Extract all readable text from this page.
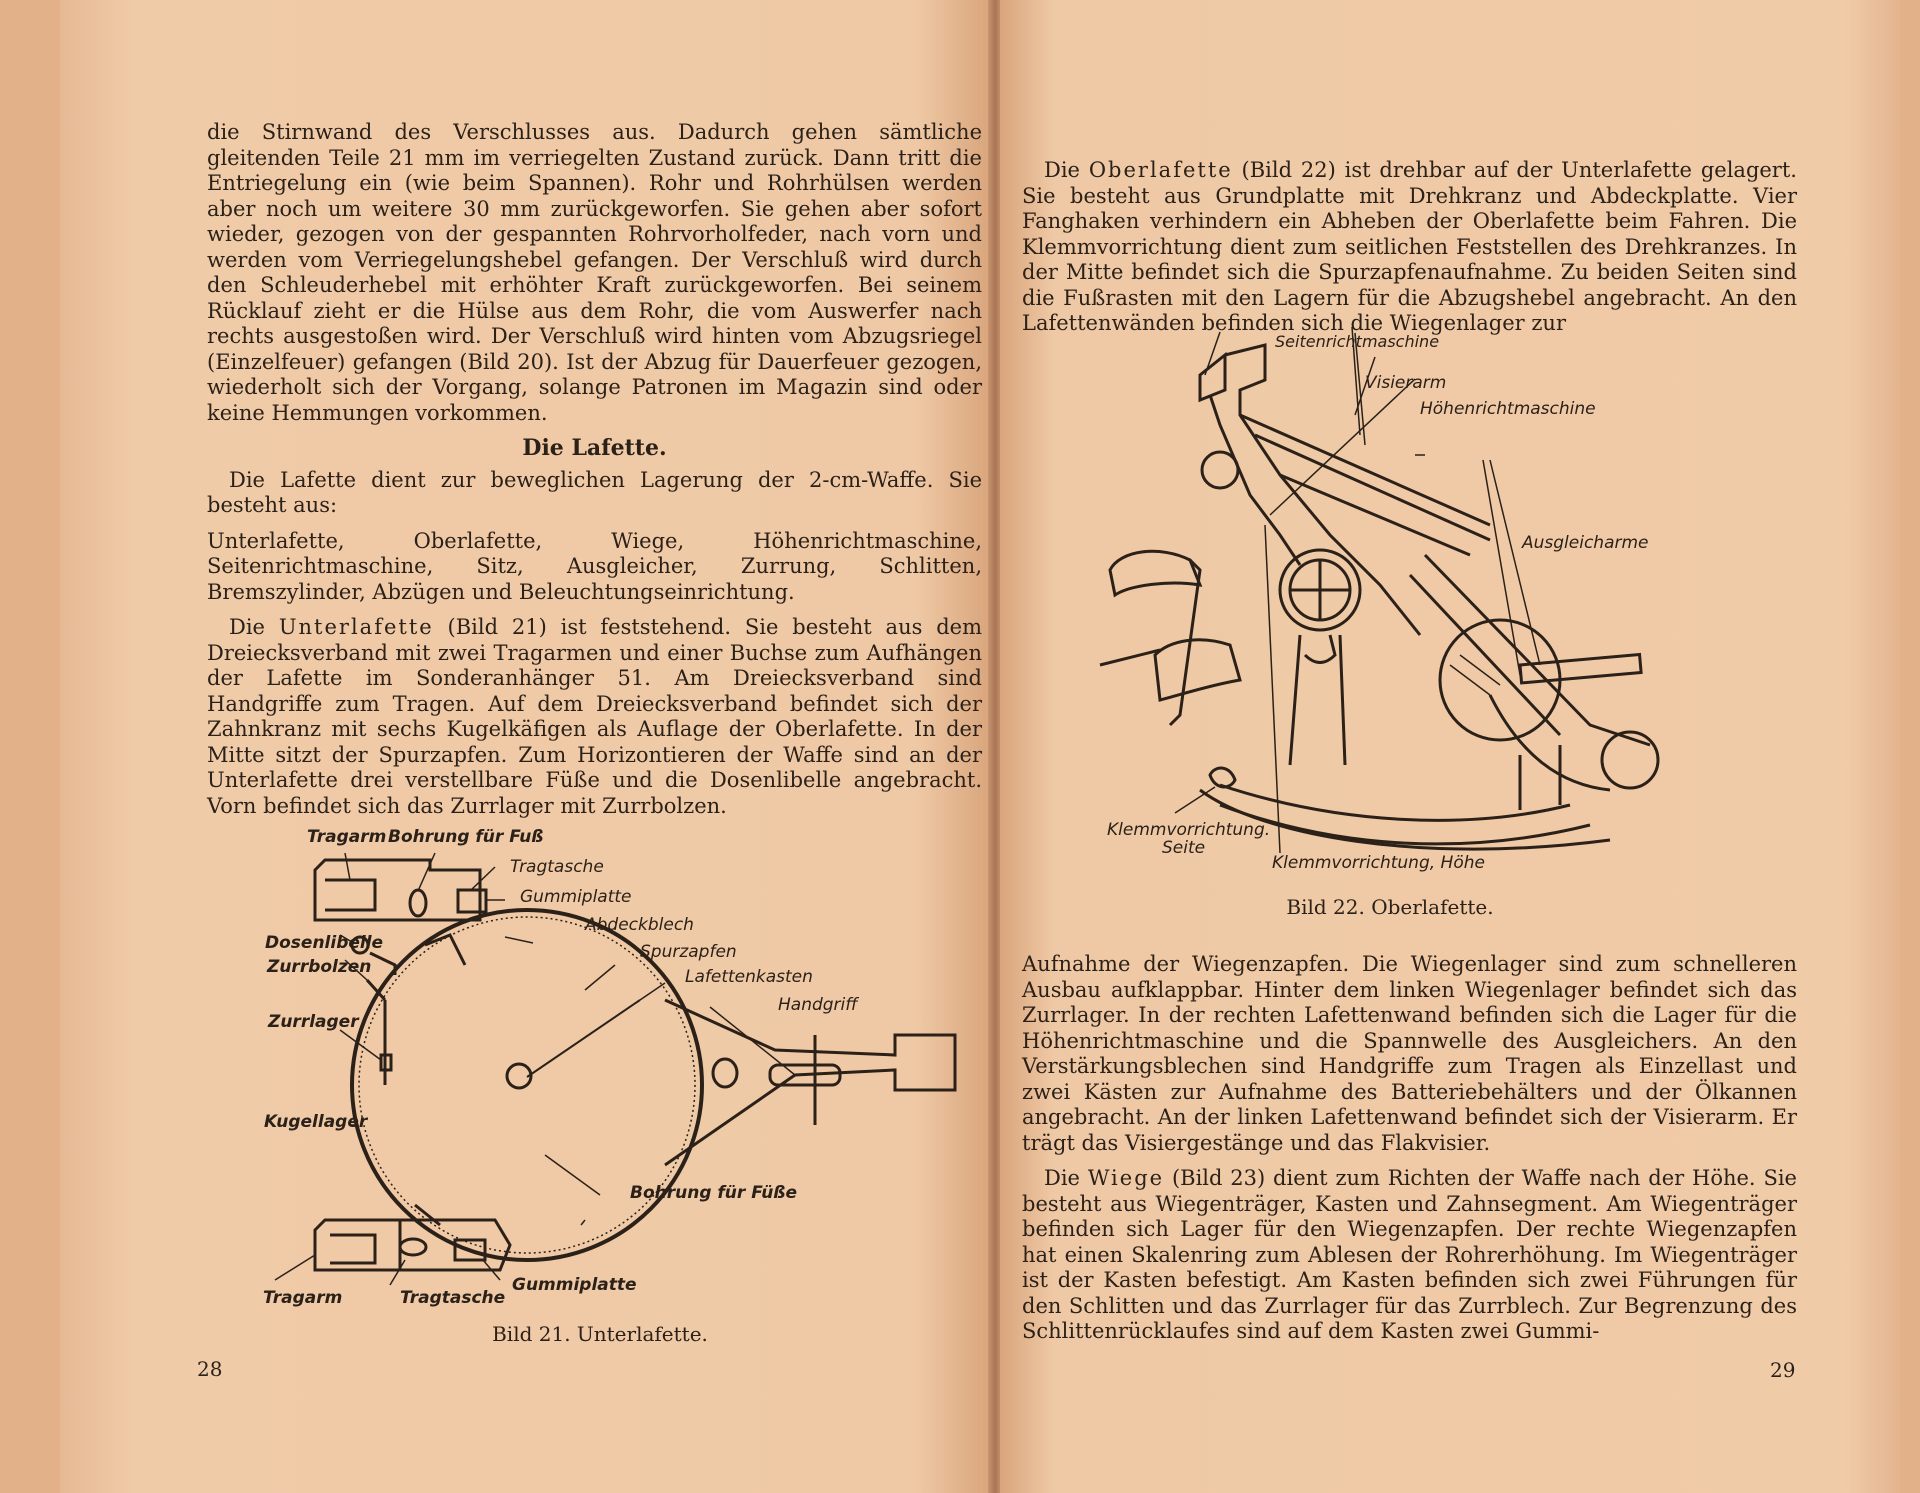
die Stirnwand des Verschlusses aus. Dadurch gehen sämtliche gleitenden Teile 21 mm im verriegelten Zustand zurück. Dann tritt die Entriegelung ein (wie beim Spannen). Rohr und Rohrhülsen werden aber noch um weitere 30 mm zurückgeworfen. Sie gehen aber sofort wieder, gezogen von der gespannten Rohrvorholfeder, nach vorn und werden vom Verriegelungshebel gefangen. Der Verschluß wird durch den Schleuderhebel mit erhöhter Kraft zurückgeworfen. Bei seinem Rücklauf zieht er die Hülse aus dem Rohr, die vom Auswerfer nach rechts ausgestoßen wird. Der Verschluß wird hinten vom Abzugsriegel (Einzelfeuer) gefangen (Bild 20). Ist der Abzug für Dauerfeuer gezogen, wiederholt sich der Vorgang, solange Patronen im Magazin sind oder keine Hemmungen vorkommen.

Die Lafette.

Die Lafette dient zur beweglichen Lagerung der 2-cm-Waffe. Sie besteht aus:

Unterlafette, Oberlafette, Wiege, Höhenrichtmaschine, Seitenrichtmaschine, Sitz, Ausgleicher, Zurrung, Schlitten, Bremszylinder, Abzügen und Beleuchtungseinrichtung.

Die Unterlafette (Bild 21) ist feststehend. Sie besteht aus dem Dreiecksverband mit zwei Tragarmen und einer Buchse zum Aufhängen der Lafette im Sonderanhänger 51. Am Dreiecksverband sind Handgriffe zum Tragen. Auf dem Dreiecksverband befindet sich der Zahnkranz mit sechs Kugelkäfigen als Auflage der Oberlafette. In der Mitte sitzt der Spurzapfen. Zum Horizontieren der Waffe sind an der Unterlafette drei verstellbare Füße und die Dosenlibelle angebracht. Vorn befindet sich das Zurrlager mit Zurrbolzen.

Tragarm Bohrung für Fuß
Tragtasche
Gummiplatte
Abdeckblech
Spurzapfen
Lafettenkasten
Handgriff
Dosenlibelle
Zurrbolzen
Zurrlager
Kugellager
Bohrung für Füße
Tragarm	Tragtasche
Gummiplatte
Bild 21. Unterlafette.
28

Die Oberlafette (Bild 22) ist drehbar auf der Unterlafette gelagert. Sie besteht aus Grundplatte mit Drehkranz und Abdeckplatte. Vier Fanghaken verhindern ein Abheben der Oberlafette beim Fahren. Die Klemmvorrichtung dient zum seitlichen Feststellen des Drehkranzes. In der Mitte befindet sich die Spurzapfenaufnahme. Zu beiden Seiten sind die Fußrasten mit den Lagern für die Abzugshebel angebracht. An den Lafettenwänden befinden sich die Wiegenlager zur

Seitenrichtmaschine
Visierarm
Höhenrichtmaschine
Ausgleicharme
Klemmvorrichtung.
Seite
Klemmvorrichtung, Höhe
Bild 22. Oberlafette.

Aufnahme der Wiegenzapfen. Die Wiegenlager sind zum schnelleren Ausbau aufklappbar. Hinter dem linken Wiegenlager befindet sich das Zurrlager. In der rechten Lafettenwand befinden sich die Lager für die Höhenrichtmaschine und die Spannwelle des Ausgleichers. An den Verstärkungsblechen sind Handgriffe zum Tragen als Einzellast und zwei Kästen zur Aufnahme des Batteriebehälters und der Ölkannen angebracht. An der linken Lafettenwand befindet sich der Visierarm. Er trägt das Visiergestänge und das Flakvisier.

Die Wiege (Bild 23) dient zum Richten der Waffe nach der Höhe. Sie besteht aus Wiegenträger, Kasten und Zahnsegment. Am Wiegenträger befinden sich Lager für den Wiegenzapfen. Der rechte Wiegenzapfen hat einen Skalenring zum Ablesen der Rohrerhöhung. Im Wiegenträger ist der Kasten befestigt. Am Kasten befinden sich zwei Führungen für den Schlitten und das Zurrlager für das Zurrblech. Zur Begrenzung des Schlittenrücklaufes sind auf dem Kasten zwei Gummi-

29
